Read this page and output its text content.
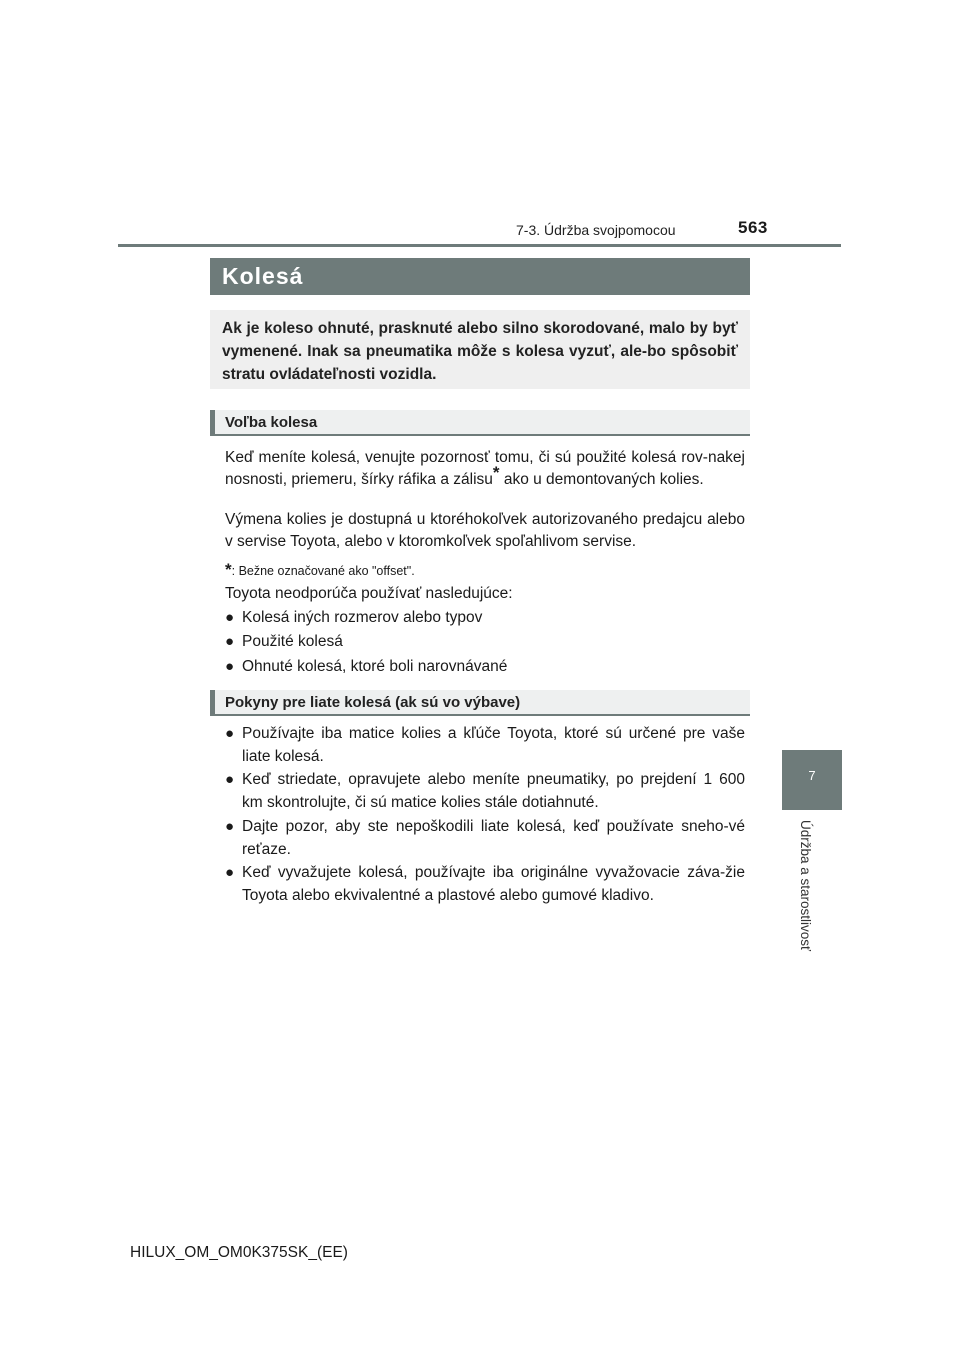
7-3. Údržba svojpomocou	563
7
Údržba a starostlivosť
Kolesá
Ak je koleso ohnuté, prasknuté alebo silno skorodované, malo by byť vymenené. Inak sa pneumatika môže s kolesa vyzuť, ale-bo spôsobiť stratu ovládateľnosti vozidla.
Voľba kolesa
Keď meníte kolesá, venujte pozornosť tomu, či sú použité kolesá rov-nakej nosnosti, priemeru, šírky ráfika a zálisu* ako u demontovaných kolies.
Výmena kolies je dostupná u ktoréhokoľvek autorizovaného predajcu alebo v servise Toyota, alebo v ktoromkoľvek spoľahlivom servise.
*: Bežne označované ako "offset".
Toyota neodporúča používať nasledujúce:
● Kolesá iných rozmerov alebo typov
● Použité kolesá
● Ohnuté kolesá, ktoré boli narovnávané
Pokyny pre liate kolesá (ak sú vo výbave)
● Používajte iba matice kolies a kľúče Toyota, ktoré sú určené pre vaše liate kolesá.
● Keď striedate, opravujete alebo meníte pneumatiky, po prejdení 1 600 km skontrolujte, či sú matice kolies stále dotiahnuté.
● Dajte pozor, aby ste nepoškodili liate kolesá, keď používate sneho-vé reťaze.
● Keď vyvažujete kolesá, používajte iba originálne vyvažovacie záva-žie Toyota alebo ekvivalentné a plastové alebo gumové kladivo.
HILUX_OM_OM0K375SK_(EE)
